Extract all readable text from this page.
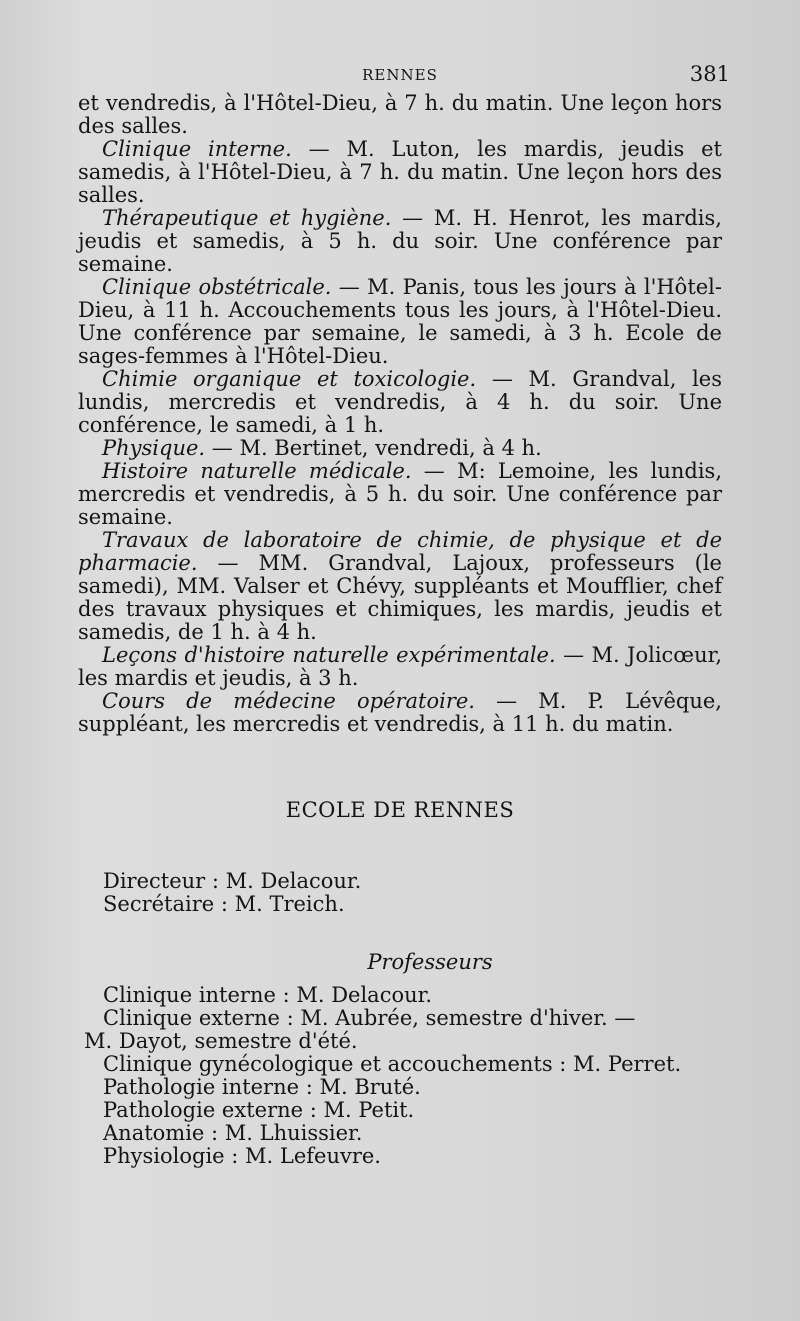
RENNES	381

et vendredis, à l'Hôtel-Dieu, à 7 h. du matin. Une leçon hors des salles.

Clinique interne. — M. Luton, les mardis, jeudis et samedis, à l'Hôtel-Dieu, à 7 h. du matin. Une leçon hors des salles.

Thérapeutique et hygiène. — M. H. Henrot, les mardis, jeudis et samedis, à 5 h. du soir. Une conférence par semaine.

Clinique obstétricale. — M. Panis, tous les jours à l'Hôtel-Dieu, à 11 h. Accouchements tous les jours, à l'Hôtel-Dieu. Une conférence par semaine, le samedi, à 3 h. Ecole de sages-femmes à l'Hôtel-Dieu.

Chimie organique et toxicologie. — M. Grandval, les lundis, mercredis et vendredis, à 4 h. du soir. Une conférence, le samedi, à 1 h.

Physique. — M. Bertinet, vendredi, à 4 h.

Histoire naturelle médicale. — M: Lemoine, les lundis, mercredis et vendredis, à 5 h. du soir. Une conférence par semaine.

Travaux de laboratoire de chimie, de physique et de pharmacie. — MM. Grandval, Lajoux, professeurs (le samedi), MM. Valser et Chévy, suppléants et Moufflier, chef des travaux physiques et chimiques, les mardis, jeudis et samedis, de 1 h. à 4 h.

Leçons d'histoire naturelle expérimentale. — M. Jolicœur, les mardis et jeudis, à 3 h.

Cours de médecine opératoire. — M. P. Lévêque, suppléant, les mercredis et vendredis, à 11 h. du matin.

ECOLE DE RENNES

Directeur : M. Delacour.

Secrétaire : M. Treich.

Professeurs

Clinique interne : M. Delacour.

Clinique externe : M. Aubrée, semestre d'hiver. —

M. Dayot, semestre d'été.

Clinique gynécologique et accouchements : M. Perret.

Pathologie interne : M. Bruté.

Pathologie externe : M. Petit.

Anatomie : M. Lhuissier.

Physiologie : M. Lefeuvre.
